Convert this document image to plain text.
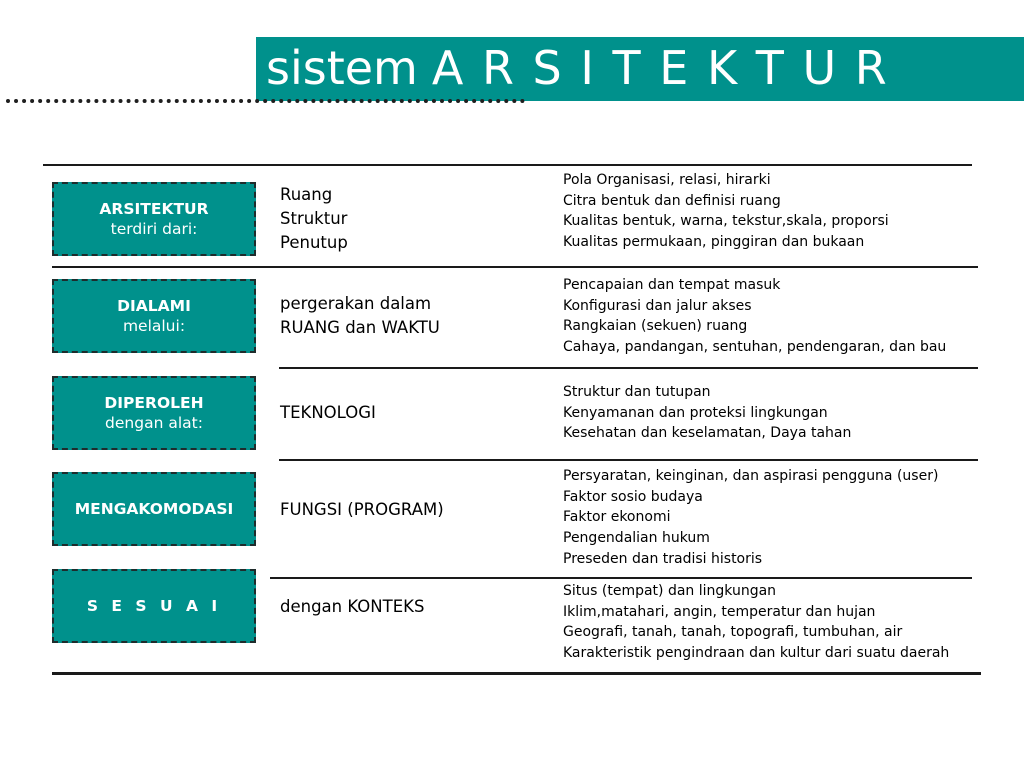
sistem A R S I T E K T U R
ARSITEKTUR
terdiri dari:
Ruang
Struktur
Penutup
Pola Organisasi, relasi, hirarki
Citra bentuk dan definisi ruang
Kualitas bentuk, warna, tekstur,skala, proporsi
Kualitas permukaan, pinggiran dan bukaan
DIALAMI
melalui:
pergerakan dalam
RUANG dan WAKTU
Pencapaian dan tempat masuk
Konfigurasi dan jalur akses
Rangkaian (sekuen) ruang
Cahaya, pandangan, sentuhan, pendengaran, dan bau
DIPEROLEH
dengan alat:
TEKNOLOGI
Struktur dan tutupan
Kenyamanan dan proteksi lingkungan
Kesehatan dan keselamatan, Daya tahan
MENGAKOMODASI	FUNGSI (PROGRAM)
Persyaratan, keinginan, dan aspirasi pengguna (user)
Faktor sosio budaya
Faktor ekonomi
Pengendalian hukum
Preseden dan tradisi historis
S E S U A I	dengan KONTEKS
Situs (tempat) dan lingkungan
Iklim,matahari, angin, temperatur dan hujan
Geografi, tanah, tanah, topografi, tumbuhan, air
Karakteristik pengindraan dan kultur dari suatu daerah
